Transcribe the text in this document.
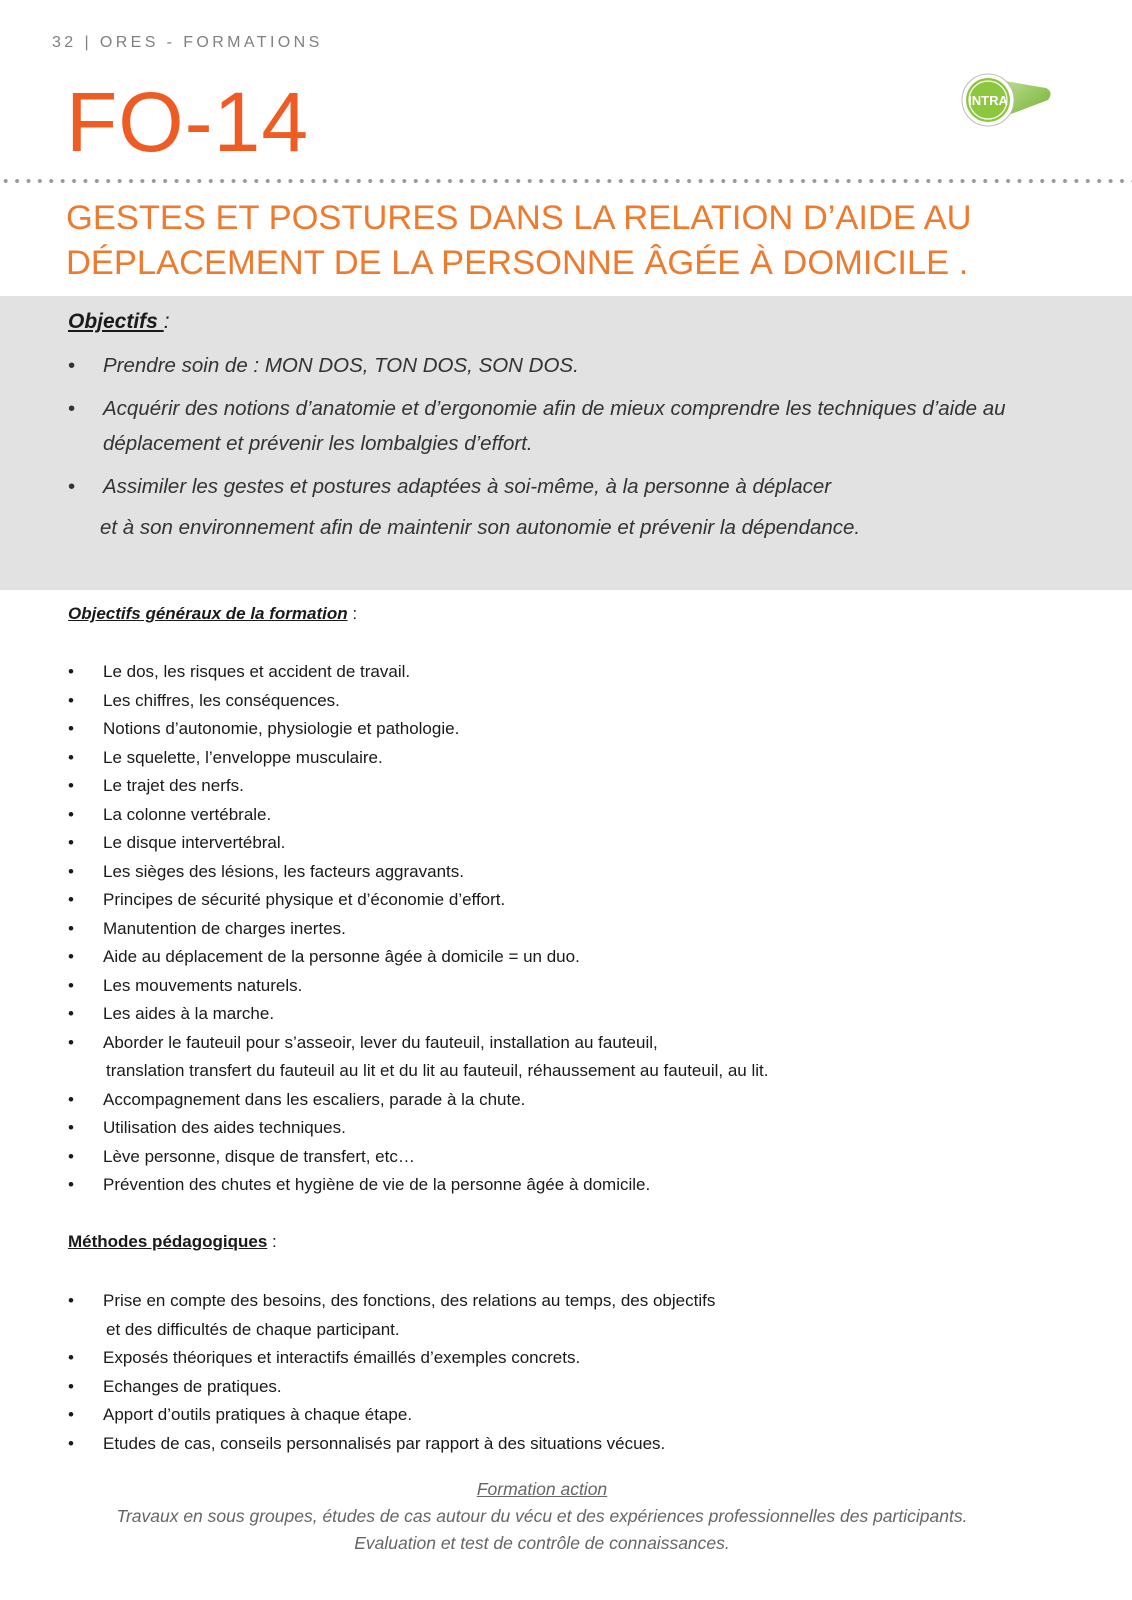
32 | ORES - FORMATIONS
FO-14	INTRA
GESTES ET POSTURES DANS LA RELATION D’AIDE AU
DÉPLACEMENT DE LA PERSONNE ÂGÉE À DOMICILE .
Objectifs :
• Prendre soin de : MON DOS, TON DOS, SON DOS.
• Acquérir des notions d’anatomie et d’ergonomie afin de mieux comprendre les techniques d’aide au déplacement et prévenir les lombalgies d’effort.
• Assimiler les gestes et postures adaptées à soi-même, à la personne à déplacer
et à son environnement afin de maintenir son autonomie et prévenir la dépendance.
Objectifs généraux de la formation :
• Le dos, les risques et accident de travail.
• Les chiffres, les conséquences.
• Notions d’autonomie, physiologie et pathologie.
• Le squelette, l’enveloppe musculaire.
• Le trajet des nerfs.
• La colonne vertébrale.
• Le disque intervertébral.
• Les sièges des lésions, les facteurs aggravants.
• Principes de sécurité physique et d’économie d’effort.
• Manutention de charges inertes.
• Aide au déplacement de la personne âgée à domicile = un duo.
• Les mouvements naturels.
• Les aides à la marche.
• Aborder le fauteuil pour s’asseoir, lever du fauteuil, installation au fauteuil,
translation transfert du fauteuil au lit et du lit au fauteuil, réhaussement au fauteuil, au lit.
• Accompagnement dans les escaliers, parade à la chute.
• Utilisation des aides techniques.
• Lève personne, disque de transfert, etc…
• Prévention des chutes et hygiène de vie de la personne âgée à domicile.
Méthodes pédagogiques :
• Prise en compte des besoins, des fonctions, des relations au temps, des objectifs
et des difficultés de chaque participant.
• Exposés théoriques et interactifs émaillés d’exemples concrets.
• Echanges de pratiques.
• Apport d’outils pratiques à chaque étape.
• Etudes de cas, conseils personnalisés par rapport à des situations vécues.
Formation action
Travaux en sous groupes, études de cas autour du vécu et des expériences professionnelles des participants.
Evaluation et test de contrôle de connaissances.
